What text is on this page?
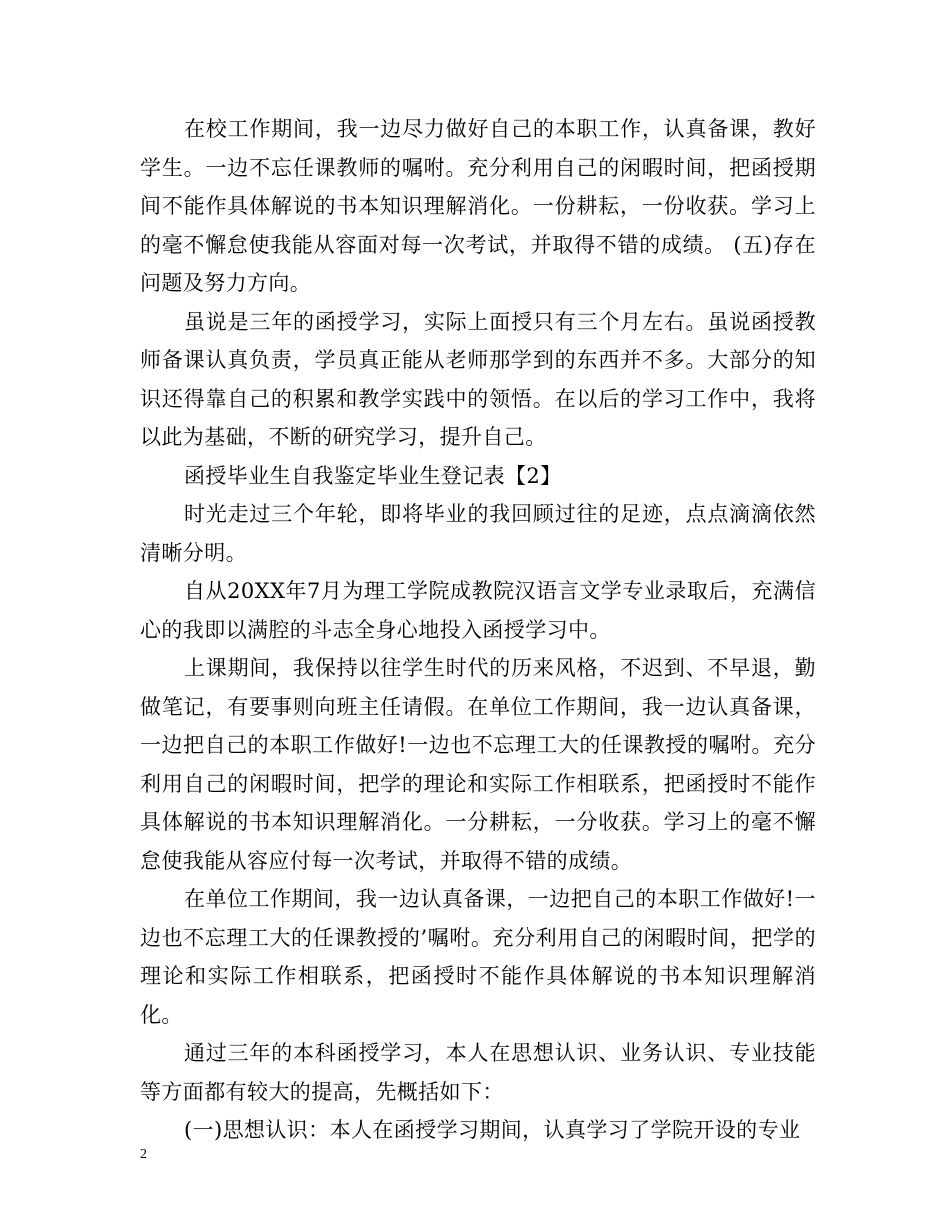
在校工作期间，我一边尽力做好自己的本职工作，认真备课，教好学生。一边不忘任课教师的嘱咐。充分利用自己的闲暇时间，把函授期间不能作具体解说的书本知识理解消化。一份耕耘，一份收获。学习上的毫不懈怠使我能从容面对每一次考试，并取得不错的成绩。 (五)存在问题及努力方向。

虽说是三年的函授学习，实际上面授只有三个月左右。虽说函授教师备课认真负责，学员真正能从老师那学到的东西并不多。大部分的知识还得靠自己的积累和教学实践中的领悟。在以后的学习工作中，我将以此为基础，不断的研究学习，提升自己。

函授毕业生自我鉴定毕业生登记表【2】

时光走过三个年轮，即将毕业的我回顾过往的足迹，点点滴滴依然清晰分明。

自从20XX年7月为理工学院成教院汉语言文学专业录取后，充满信心的我即以满腔的斗志全身心地投入函授学习中。

上课期间，我保持以往学生时代的历来风格，不迟到、不早退，勤做笔记，有要事则向班主任请假。在单位工作期间，我一边认真备课，一边把自己的本职工作做好!一边也不忘理工大的任课教授的嘱咐。充分利用自己的闲暇时间，把学的理论和实际工作相联系，把函授时不能作具体解说的书本知识理解消化。一分耕耘，一分收获。学习上的毫不懈怠使我能从容应付每一次考试，并取得不错的成绩。

在单位工作期间，我一边认真备课，一边把自己的本职工作做好!一边也不忘理工大的任课教授的’嘱咐。充分利用自己的闲暇时间，把学的理论和实际工作相联系，把函授时不能作具体解说的书本知识理解消化。

通过三年的本科函授学习，本人在思想认识、业务认识、专业技能等方面都有较大的提高，先概括如下：

(一)思想认识：本人在函授学习期间，认真学习了学院开设的专业

2
